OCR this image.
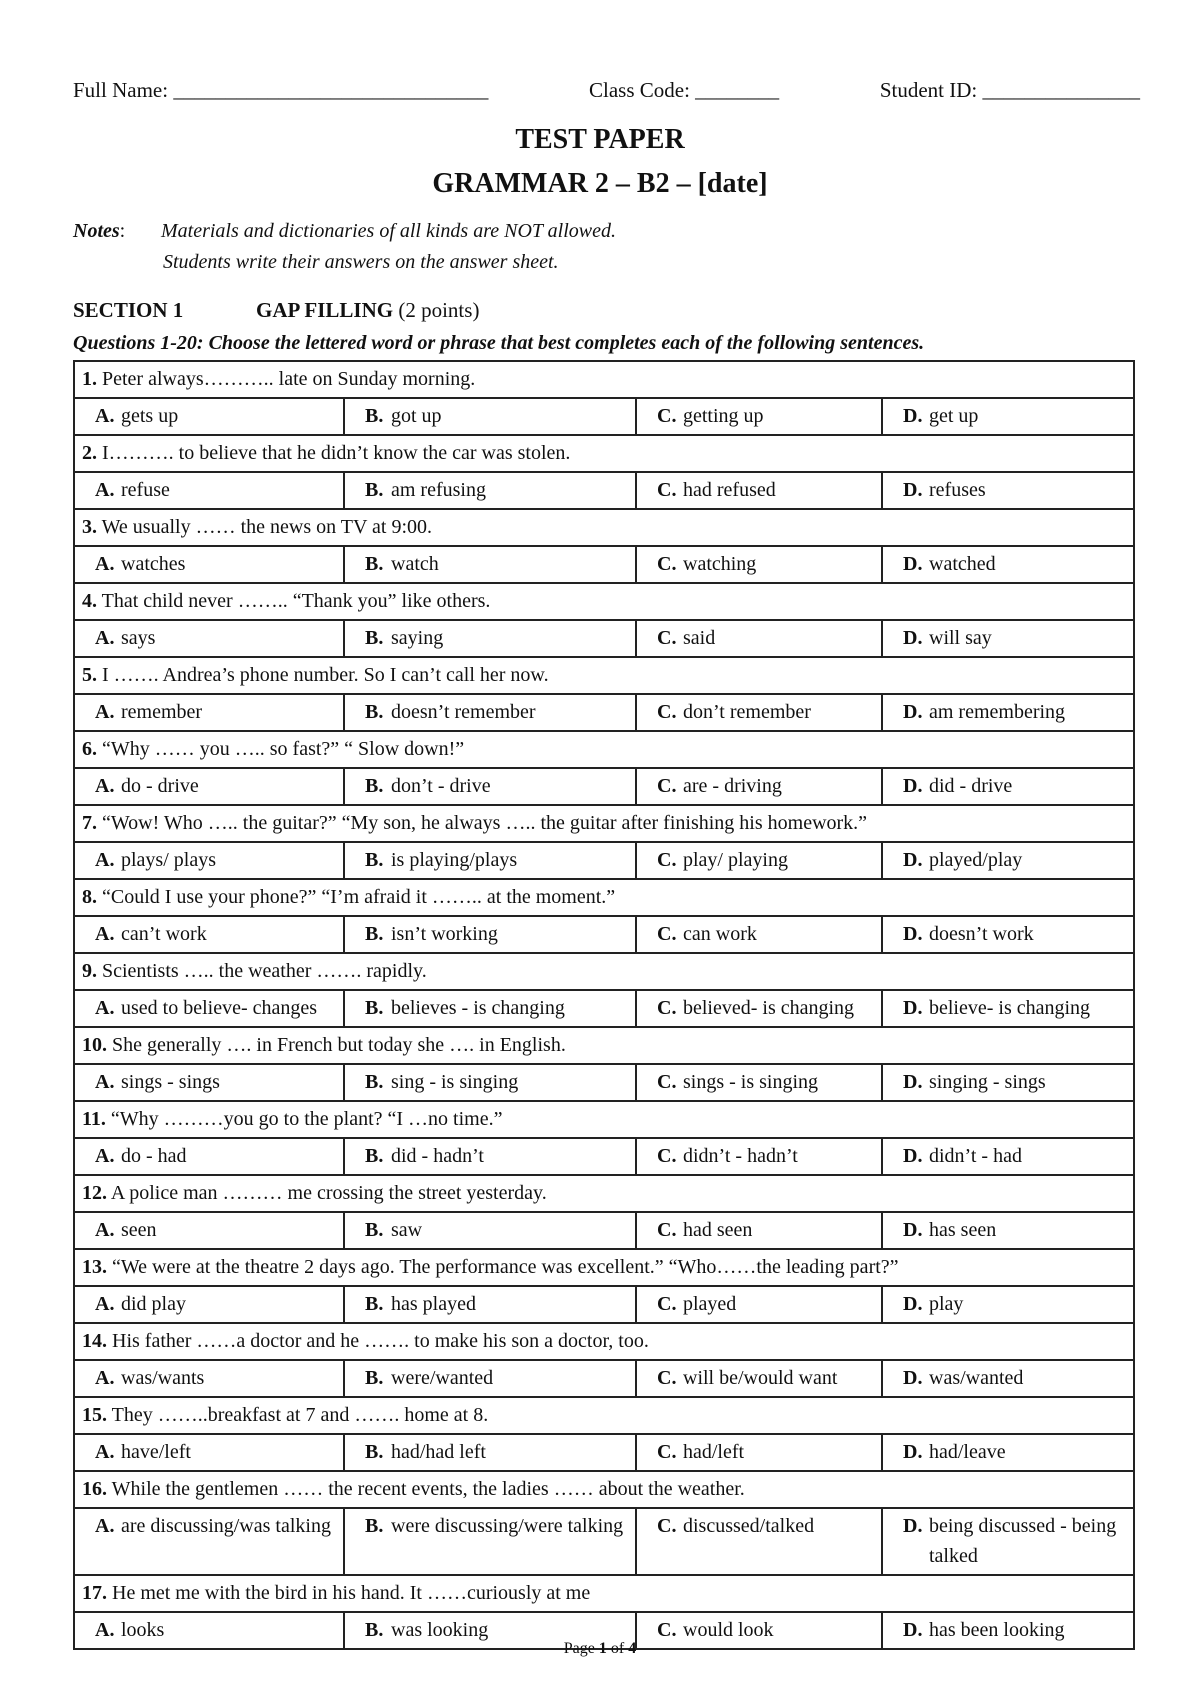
Full Name: ______________________________	Class Code: ________	Student ID: _______________
TEST PAPER
GRAMMAR 2 – B2 – [date]
Notes: Materials and dictionaries of all kinds are NOT allowed.
Students write their answers on the answer sheet.
SECTION 1	GAP FILLING (2 points)
Questions 1-20: Choose the lettered word or phrase that best completes each of the following sentences.
1. Peter always……….. late on Sunday morning.			

A. gets up	B. got up	C. getting up	D. get up

2. I………. to believe that he didn’t know the car was stolen.			

A. refuse	B. am refusing	C. had refused	D. refuses

3. We usually …… the news on TV at 9:00.			

A. watches	B. watch	C. watching	D. watched

4. That child never …….. “Thank you” like others.			

A. says	B. saying	C. said	D. will say

5. I ……. Andrea’s phone number. So I can’t call her now.			

A. remember	B. doesn’t remember	C. don’t remember	D. am remembering

6. “Why …… you ….. so fast?” “ Slow down!”			

A. do - drive	B. don’t - drive	C. are - driving	D. did - drive

7. “Wow! Who ….. the guitar?” “My son, he always ….. the guitar after finishing his homework.”			

A. plays/ plays	B. is playing/plays	C. play/ playing	D. played/play

8. “Could I use your phone?” “I’m afraid it …….. at the moment.”			

A. can’t work	B. isn’t working	C. can work	D. doesn’t work

9. Scientists ….. the weather ……. rapidly.			

A. used to believe- changes	B. believes - is changing	C. believed- is changing	D. believe- is changing

10. She generally …. in French but today she …. in English.			

A. sings - sings	B. sing - is singing	C. sings - is singing	D. singing - sings

11. “Why ………you go to the plant? “I …no time.”			

A. do - had	B. did - hadn’t	C. didn’t - hadn’t	D. didn’t - had

12. A police man ……… me crossing the street yesterday.			

A. seen	B. saw	C. had seen	D. has seen

13. “We were at the theatre 2 days ago. The performance was excellent.” “Who……the leading part?”			

A. did play	B. has played	C. played	D. play

14. His father ……a doctor and he ……. to make his son a doctor, too.			

A. was/wants	B. were/wanted	C. will be/would want	D. was/wanted

15. They ……..breakfast at 7 and ……. home at 8.			

A. have/left	B. had/had left	C. had/left	D. had/leave

16. While the gentlemen …… the recent events, the ladies …… about the weather.			

A. are discussing/was talking	B. were discussing/were talking	C. discussed/talked	D. being discussed - being talked

17. He met me with the bird in his hand. It ……curiously at me			

A. looks	B. was looking	C. would look	D. has been looking
Page 1 of 4
